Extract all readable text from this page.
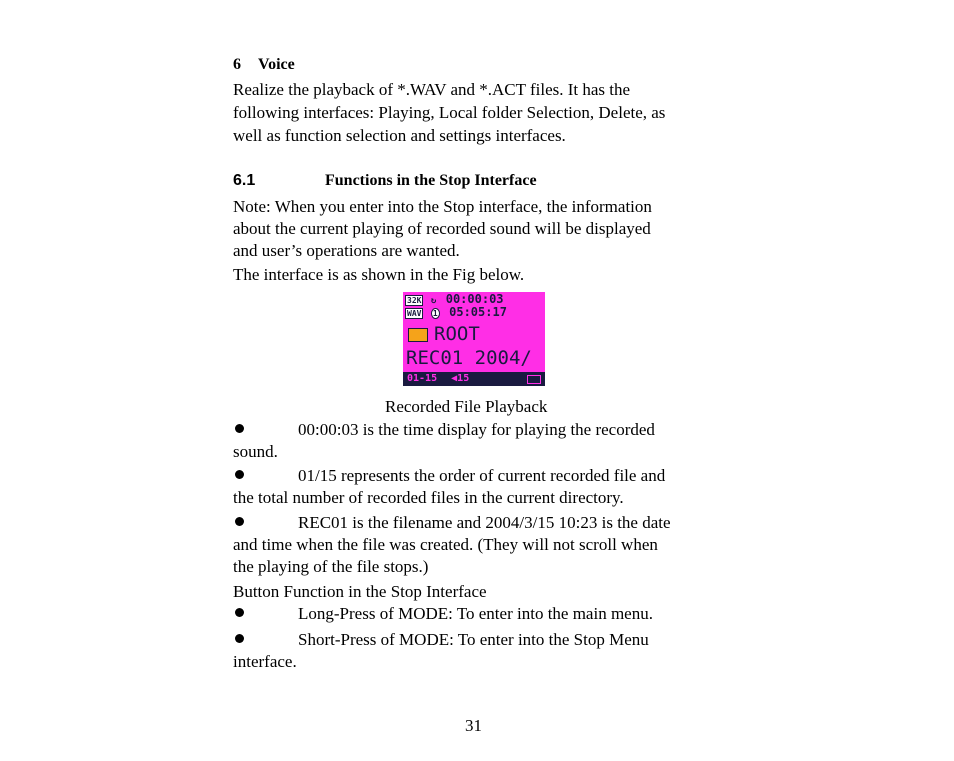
6 Voice
Realize the playback of *.WAV and *.ACT files. It has the
following interfaces: Playing, Local folder Selection, Delete, as
well as function selection and settings interfaces.
6.1	Functions in the Stop Interface
Note: When you enter into the Stop interface, the information
about the current playing of recorded sound will be displayed
and user’s operations are wanted.
The interface is as shown in the Fig below.
32K ↻ 00:00:03
WAV 1 05:05:17
ROOT
REC01 2004/
01-15 ◀15
Recorded File Playback
00:00:03 is the time display for playing the recorded
sound.
01/15 represents the order of current recorded file and
the total number of recorded files in the current directory.
REC01 is the filename and 2004/3/15 10:23 is the date
and time when the file was created. (They will not scroll when
the playing of the file stops.)
Button Function in the Stop Interface
Long-Press of MODE: To enter into the main menu.
Short-Press of MODE: To enter into the Stop Menu
interface.
31
